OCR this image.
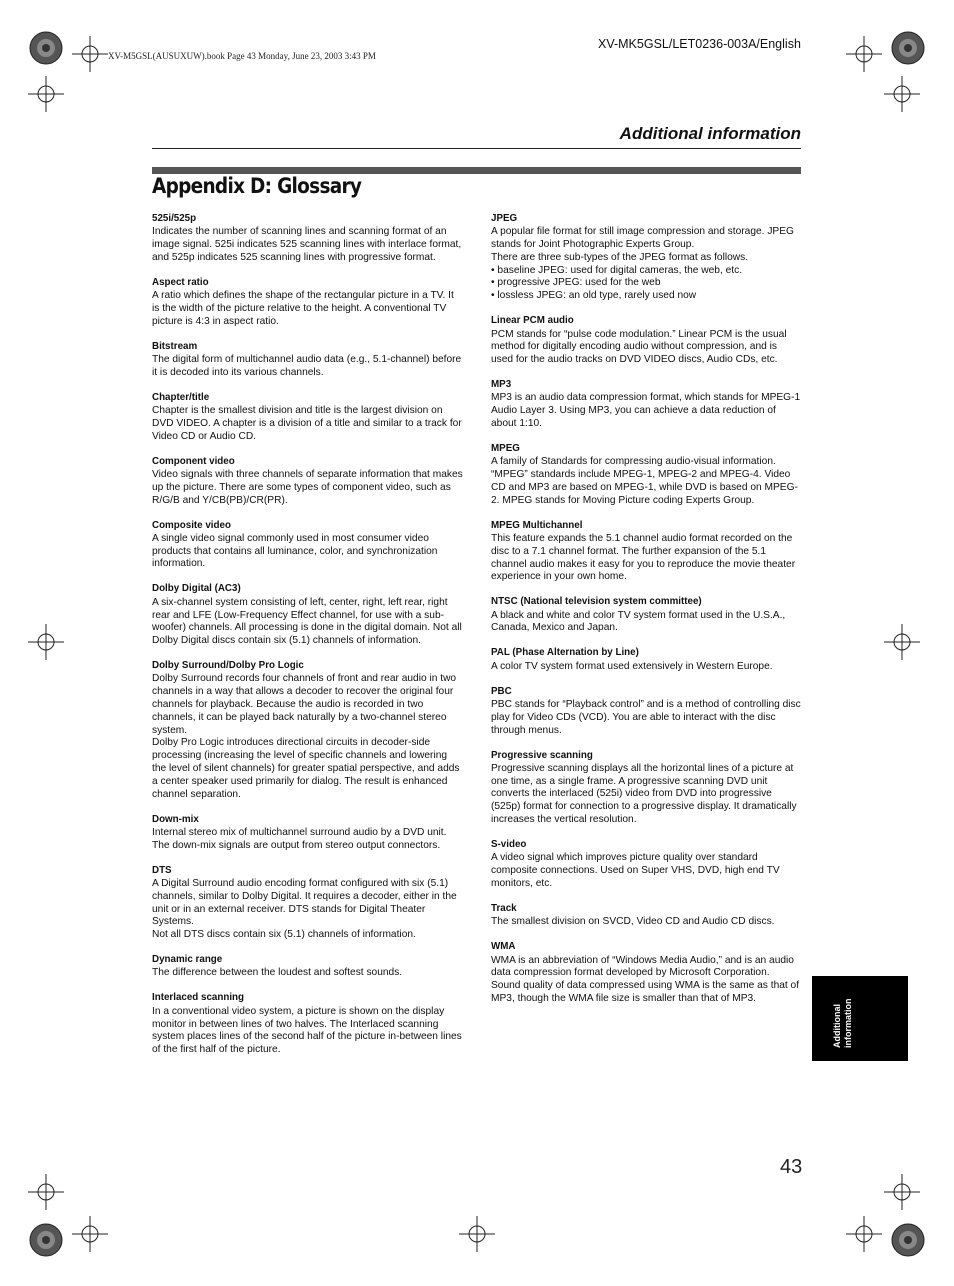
XV-M5GSL(AUSUXUW).book Page 43 Monday, June 23, 2003 3:43 PM
XV-MK5GSL/LET0236-003A/English
Additional information
Appendix D: Glossary
525i/525p

Indicates the number of scanning lines and scanning format of an image signal. 525i indicates 525 scanning lines with interlace format, and 525p indicates 525 scanning lines with progressive format.

Aspect ratio

A ratio which defines the shape of the rectangular picture in a TV. It is the width of the picture relative to the height. A conventional TV picture is 4:3 in aspect ratio.

Bitstream

The digital form of multichannel audio data (e.g., 5.1-channel) before it is decoded into its various channels.

Chapter/title

Chapter is the smallest division and title is the largest division on DVD VIDEO. A chapter is a division of a title and similar to a track for Video CD or Audio CD.

Component video

Video signals with three channels of separate information that makes up the picture. There are some types of component video, such as R/G/B and Y/CB(PB)/CR(PR).

Composite video

A single video signal commonly used in most consumer video products that contains all luminance, color, and synchronization information.

Dolby Digital (AC3)

A six-channel system consisting of left, center, right, left rear, right rear and LFE (Low-Frequency Effect channel, for use with a sub-woofer) channels. All processing is done in the digital domain. Not all Dolby Digital discs contain six (5.1) channels of information.

Dolby Surround/Dolby Pro Logic

Dolby Surround records four channels of front and rear audio in two channels in a way that allows a decoder to recover the original four channels for playback. Because the audio is recorded in two channels, it can be played back naturally by a two-channel stereo system.

Dolby Pro Logic introduces directional circuits in decoder-side processing (increasing the level of specific channels and lowering the level of silent channels) for greater spatial perspective, and adds a center speaker used primarily for dialog. The result is enhanced channel separation.

Down-mix

Internal stereo mix of multichannel surround audio by a DVD unit. The down-mix signals are output from stereo output connectors.

DTS

A Digital Surround audio encoding format configured with six (5.1) channels, similar to Dolby Digital. It requires a decoder, either in the unit or in an external receiver. DTS stands for Digital Theater Systems.

Not all DTS discs contain six (5.1) channels of information.

Dynamic range

The difference between the loudest and softest sounds.

Interlaced scanning

In a conventional video system, a picture is shown on the display monitor in between lines of two halves. The Interlaced scanning system places lines of the second half of the picture in-between lines of the first half of the picture.

JPEG

A popular file format for still image compression and storage. JPEG stands for Joint Photographic Experts Group.

There are three sub-types of the JPEG format as follows.

• baseline JPEG: used for digital cameras, the web, etc.

• progressive JPEG: used for the web

• lossless JPEG: an old type, rarely used now

Linear PCM audio

PCM stands for “pulse code modulation.” Linear PCM is the usual method for digitally encoding audio without compression, and is used for the audio tracks on DVD VIDEO discs, Audio CDs, etc.

MP3

MP3 is an audio data compression format, which stands for MPEG-1 Audio Layer 3. Using MP3, you can achieve a data reduction of about 1:10.

MPEG

A family of Standards for compressing audio-visual information. “MPEG” standards include MPEG-1, MPEG-2 and MPEG-4. Video CD and MP3 are based on MPEG-1, while DVD is based on MPEG-2. MPEG stands for Moving Picture coding Experts Group.

MPEG Multichannel

This feature expands the 5.1 channel audio format recorded on the disc to a 7.1 channel format. The further expansion of the 5.1 channel audio makes it easy for you to reproduce the movie theater experience in your own home.

NTSC (National television system committee)

A black and white and color TV system format used in the U.S.A., Canada, Mexico and Japan.

PAL (Phase Alternation by Line)

A color TV system format used extensively in Western Europe.

PBC

PBC stands for “Playback control” and is a method of controlling disc play for Video CDs (VCD). You are able to interact with the disc through menus.

Progressive scanning

Progressive scanning displays all the horizontal lines of a picture at one time, as a single frame. A progressive scanning DVD unit converts the interlaced (525i) video from DVD into progressive (525p) format for connection to a progressive display. It dramatically increases the vertical resolution.

S-video

A video signal which improves picture quality over standard composite connections. Used on Super VHS, DVD, high end TV monitors, etc.

Track

The smallest division on SVCD, Video CD and Audio CD discs.

WMA

WMA is an abbreviation of “Windows Media Audio,” and is an audio data compression format developed by Microsoft Corporation. Sound quality of data compressed using WMA is the same as that of MP3, though the WMA file size is smaller than that of MP3.

Additional information
43
